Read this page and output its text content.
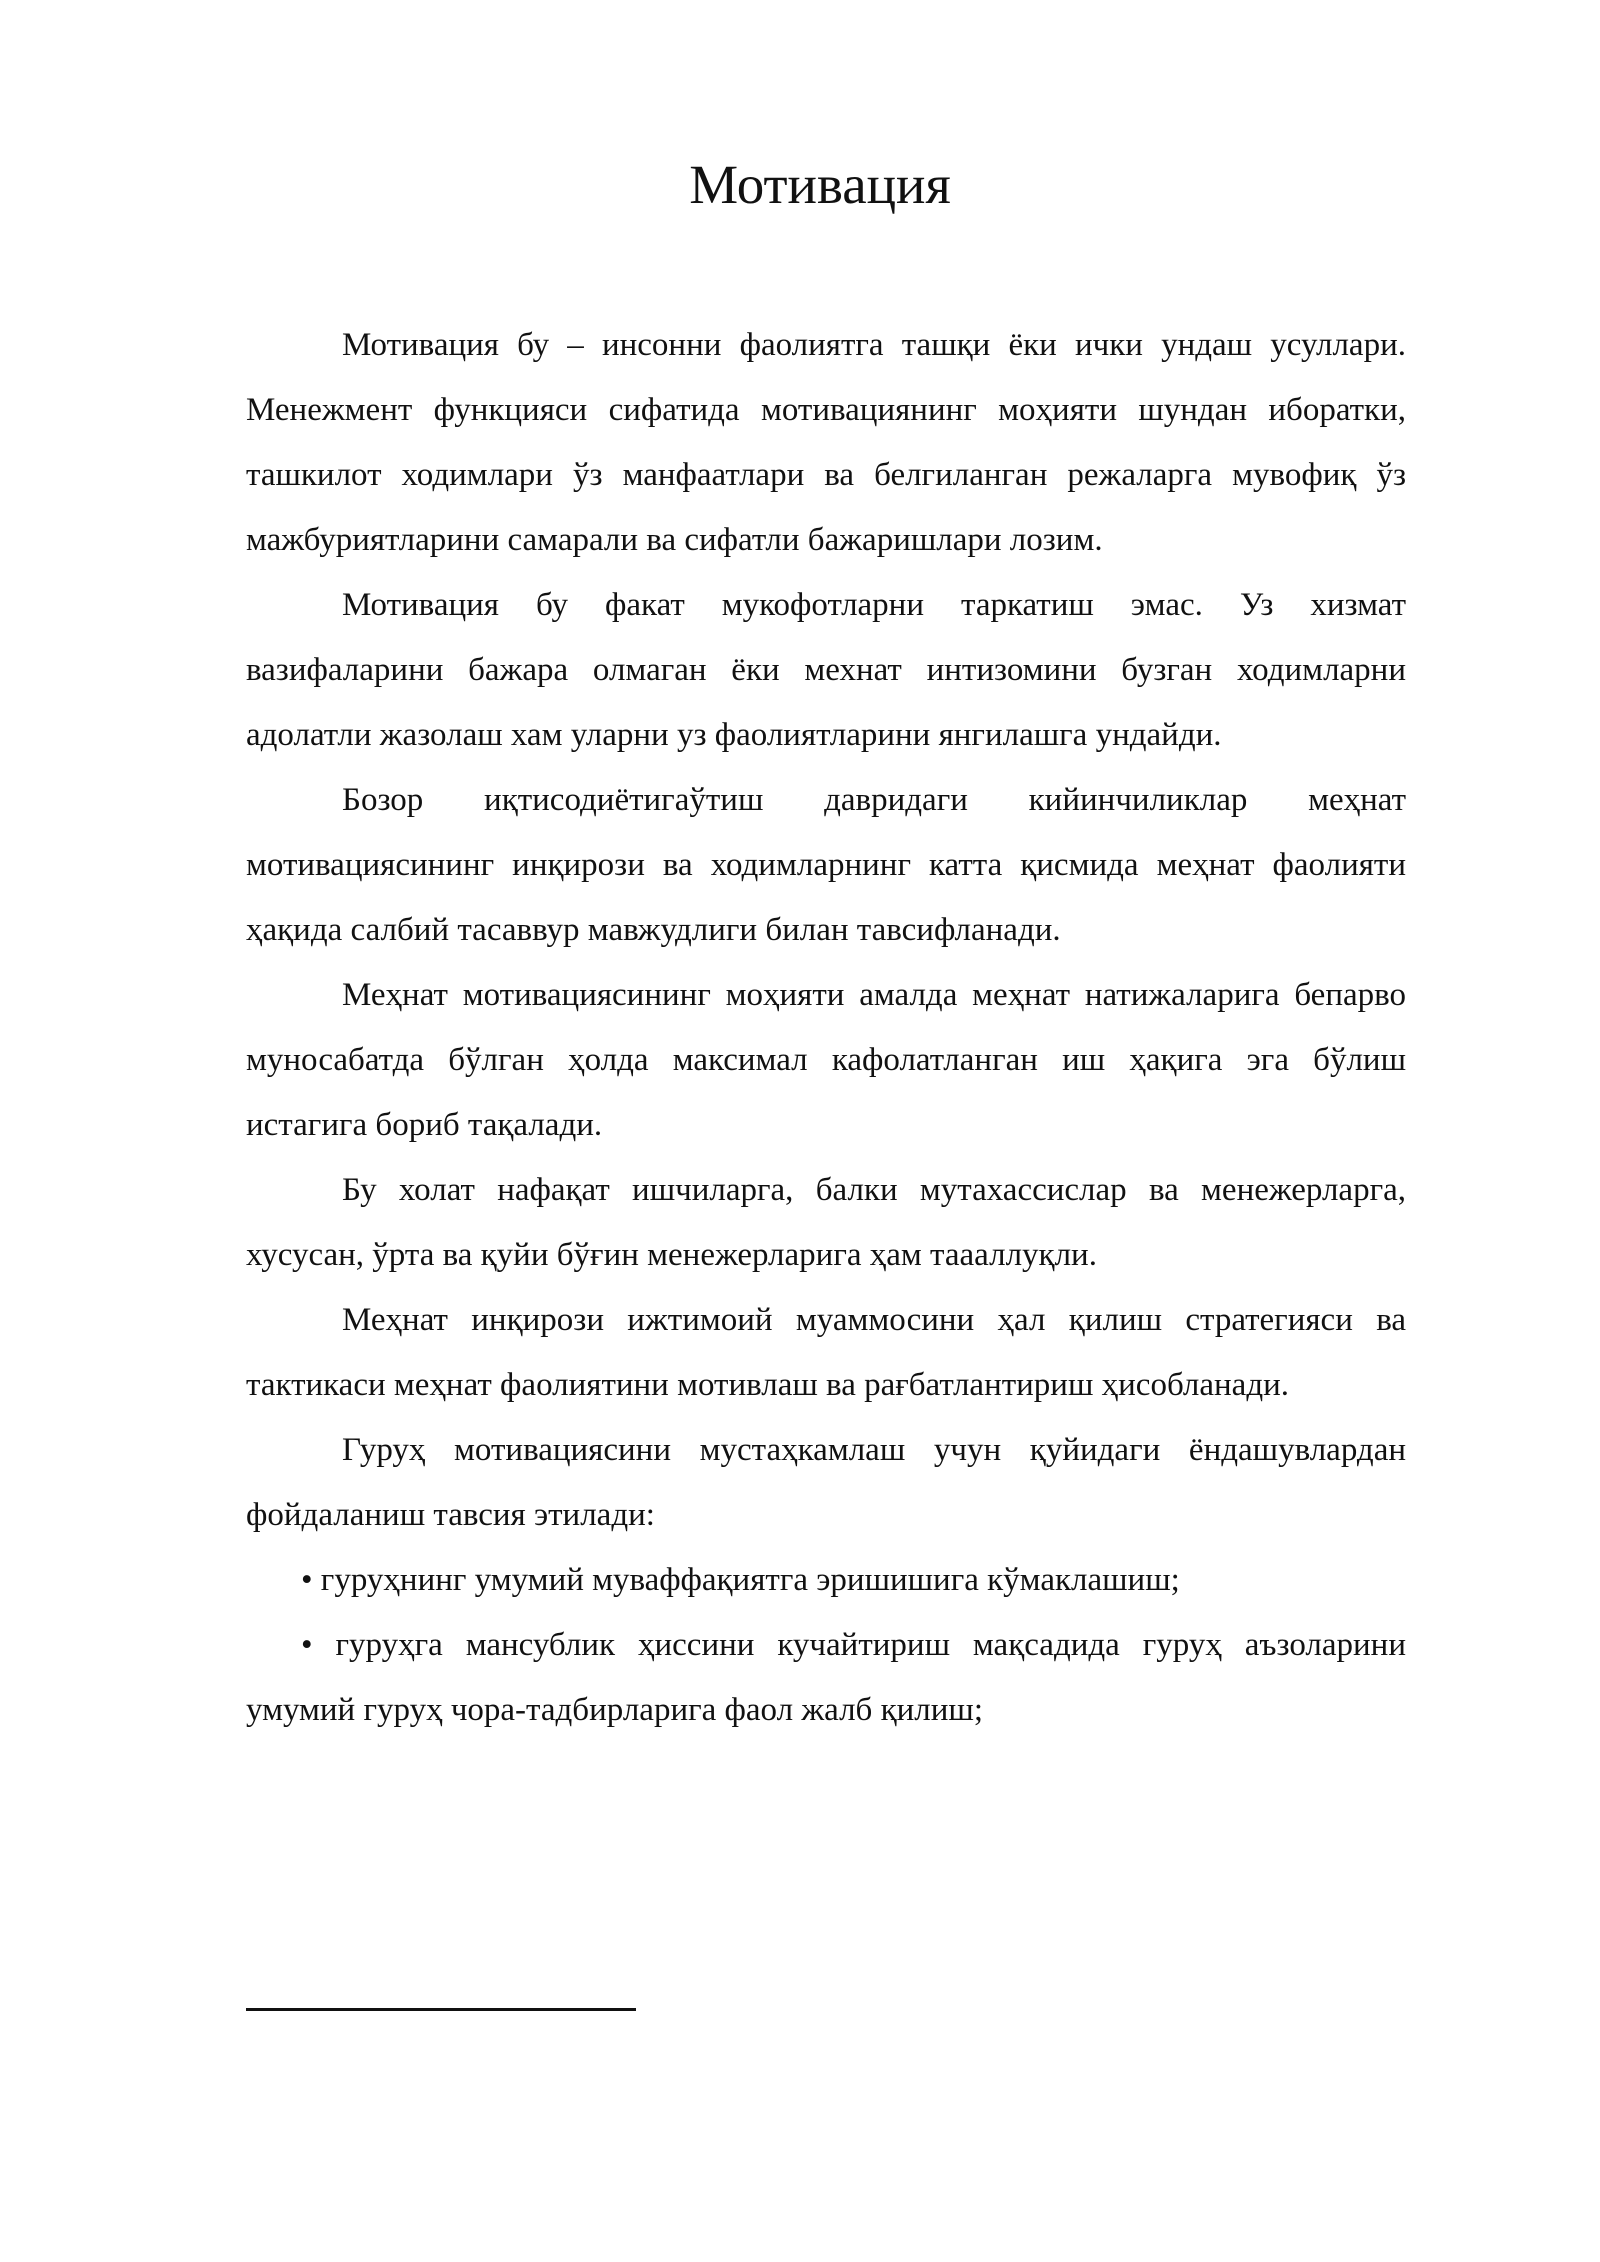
Мотивация

Мотивация бу – инсонни фаолиятга ташқи ёки ички ундаш усуллари. Менежмент функцияси сифатида мотивациянинг моҳияти шундан иборатки, ташкилот ходимлари ўз манфаатлари ва белгиланган режаларга мувофиқ ўз мажбуриятларини самарали ва сифатли бажаришлари лозим.

Мотивация бу факат мукофотларни таркатиш эмас. Уз хизмат вазифаларини бажара олмаган ёки мехнат интизомини бузган ходимларни адолатли жазолаш хам уларни уз фаолиятларини янгилашга ундайди.

Бозор иқтисодиётигаўтиш давридаги кийинчиликлар меҳнат мотивациясининг инқирози ва ходимларнинг катта қисмида меҳнат фаолияти ҳақида салбий тасаввур мавжудлиги билан тавсифланади.

Меҳнат мотивациясининг моҳияти амалда меҳнат натижаларига бепарво муносабатда бўлган ҳолда максимал кафолатланган иш ҳақига эга бўлиш истагига бориб тақалади.

Бу холат нафақат ишчиларга, балки мутахассислар ва менежерларга, хусусан, ўрта ва қуйи бўғин менежерларига ҳам таааллуқли.

Меҳнат инқирози ижтимоий муаммосини ҳал қилиш стратегияси ва тактикаси меҳнат фаолиятини мотивлаш ва рағбатлантириш ҳисобланади.

Гуруҳ мотивациясини мустаҳкамлаш учун қуйидаги ёндашувлардан фойдаланиш тавсия этилади:

• гуруҳнинг умумий муваффақиятга эришишига кўмаклашиш;

• гуруҳга мансублик ҳиссини кучайтириш мақсадида гуруҳ аъзоларини умумий гуруҳ чора-тадбирларига фаол жалб қилиш;
